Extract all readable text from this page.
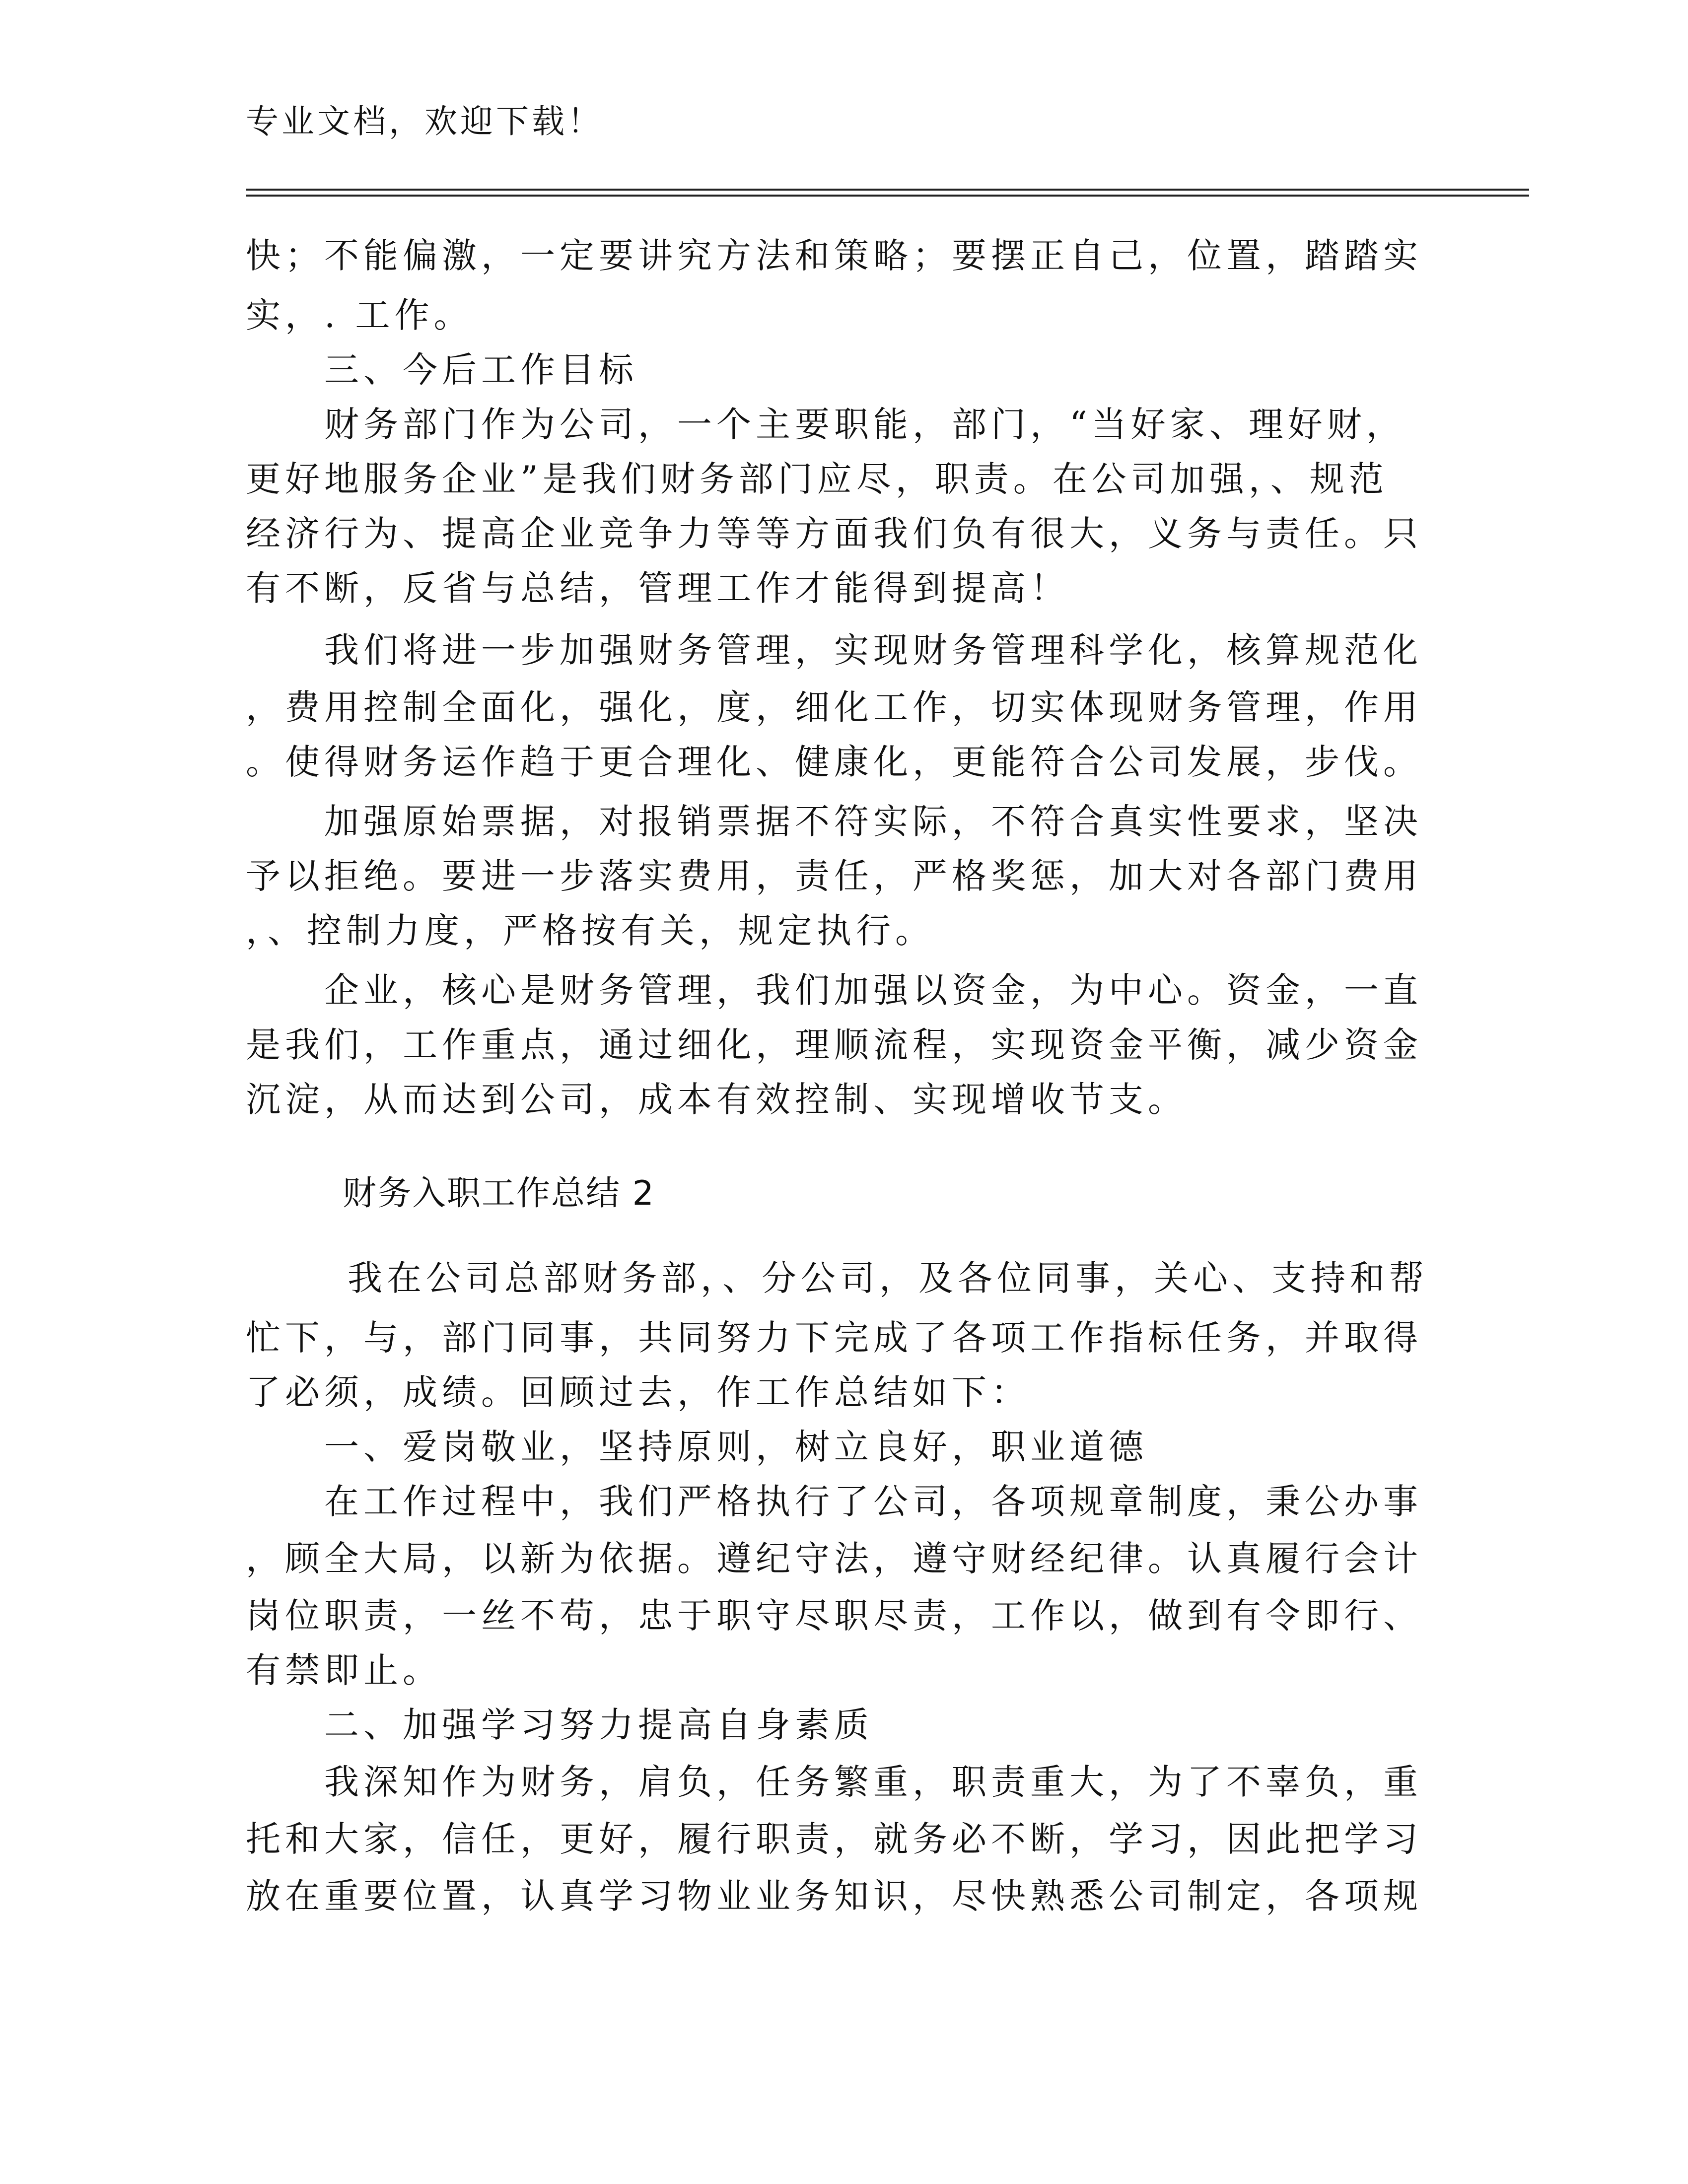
专业文档，欢迎下载！
快；不能偏激，一定要讲究方法和策略；要摆正自己，位置，踏踏实
实，. 工作。
三、今后工作目标
财务部门作为公司，一个主要职能，部门，“当好家、理好财，
更好地服务企业”是我们财务部门应尽，职责。在公司加强，、规范
经济行为、提高企业竞争力等等方面我们负有很大，义务与责任。只
有不断，反省与总结，管理工作才能得到提高！
我们将进一步加强财务管理，实现财务管理科学化，核算规范化
，费用控制全面化，强化，度，细化工作，切实体现财务管理，作用
。使得财务运作趋于更合理化、健康化，更能符合公司发展，步伐。
加强原始票据，对报销票据不符实际，不符合真实性要求，坚决
予以拒绝。要进一步落实费用，责任，严格奖惩，加大对各部门费用
，、控制力度，严格按有关，规定执行。
企业，核心是财务管理，我们加强以资金，为中心。资金，一直
是我们，工作重点，通过细化，理顺流程，实现资金平衡，减少资金
沉淀，从而达到公司，成本有效控制、实现增收节支。
财务入职工作总结 2
我在公司总部财务部，、分公司，及各位同事，关心、支持和帮
忙下，与，部门同事，共同努力下完成了各项工作指标任务，并取得
了必须，成绩。回顾过去，作工作总结如下：
一、爱岗敬业，坚持原则，树立良好，职业道德
在工作过程中，我们严格执行了公司，各项规章制度，秉公办事
，顾全大局，以新为依据。遵纪守法，遵守财经纪律。认真履行会计
岗位职责，一丝不苟，忠于职守尽职尽责，工作以，做到有令即行、
有禁即止。
二、加强学习努力提高自身素质
我深知作为财务，肩负，任务繁重，职责重大，为了不辜负，重
托和大家，信任，更好，履行职责，就务必不断，学习，因此把学习
放在重要位置，认真学习物业业务知识，尽快熟悉公司制定，各项规
